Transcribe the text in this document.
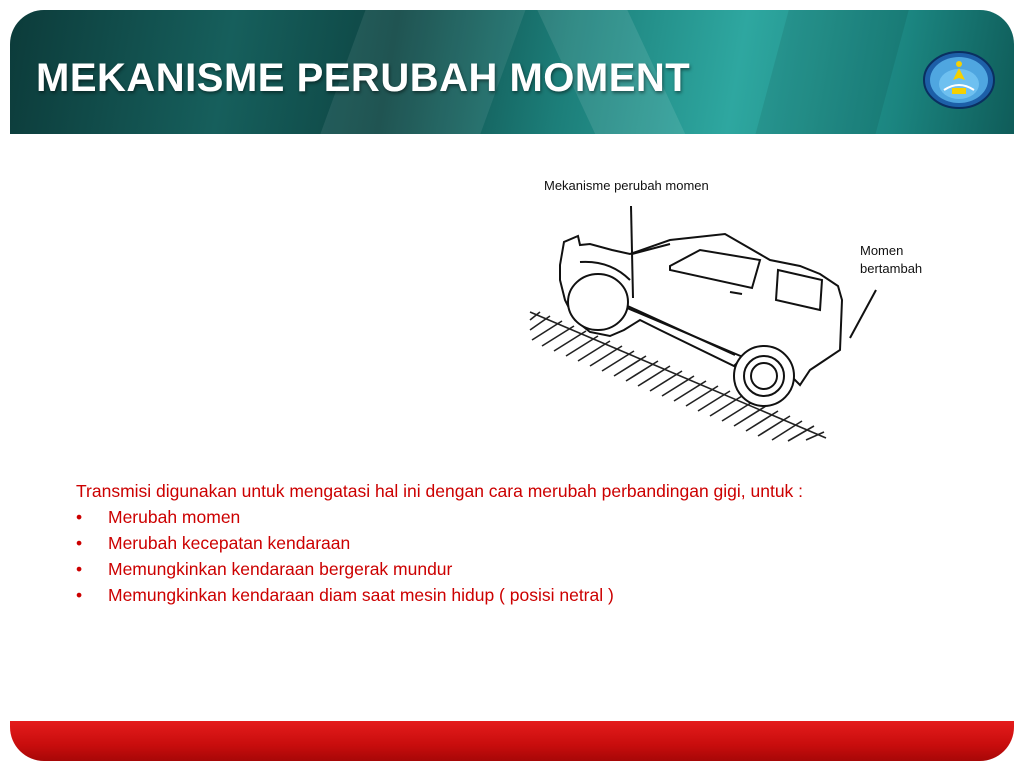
MEKANISME PERUBAH MOMENT
Mekanisme perubah momen
Momen
bertambah

Transmisi digunakan untuk mengatasi hal ini dengan cara merubah perbandingan gigi, untuk :

• Merubah momen
• Merubah kecepatan kendaraan
• Memungkinkan kendaraan bergerak mundur
• Memungkinkan kendaraan diam saat mesin hidup ( posisi netral )
